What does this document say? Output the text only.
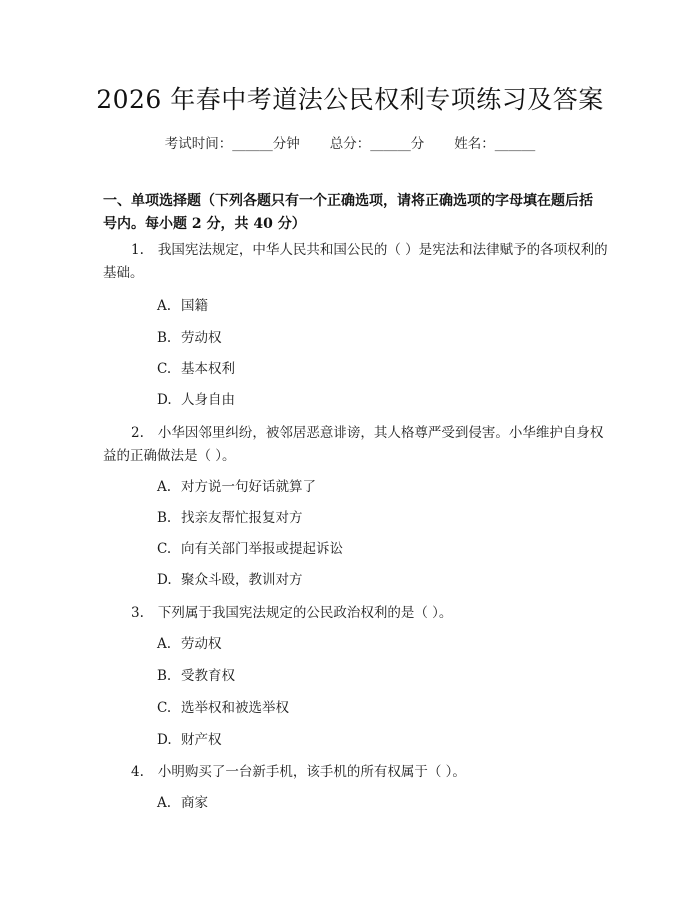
2026 年春中考道法公民权利专项练习及答案
考试时间：______分钟 总分：______分 姓名：______
一、单项选择题（下列各题只有一个正确选项，请将正确选项的字母填在题后括号内。每小题 2 分，共 40 分）
1. 我国宪法规定，中华人民共和国公民的（ ）是宪法和法律赋予的各项权利的基础。
A. 国籍
B. 劳动权
C. 基本权利
D. 人身自由
2. 小华因邻里纠纷，被邻居恶意诽谤，其人格尊严受到侵害。小华维护自身权益的正确做法是（ ）。
A. 对方说一句好话就算了
B. 找亲友帮忙报复对方
C. 向有关部门举报或提起诉讼
D. 聚众斗殴，教训对方
3. 下列属于我国宪法规定的公民政治权利的是（ ）。
A. 劳动权
B. 受教育权
C. 选举权和被选举权
D. 财产权
4. 小明购买了一台新手机，该手机的所有权属于（ ）。
A. 商家
